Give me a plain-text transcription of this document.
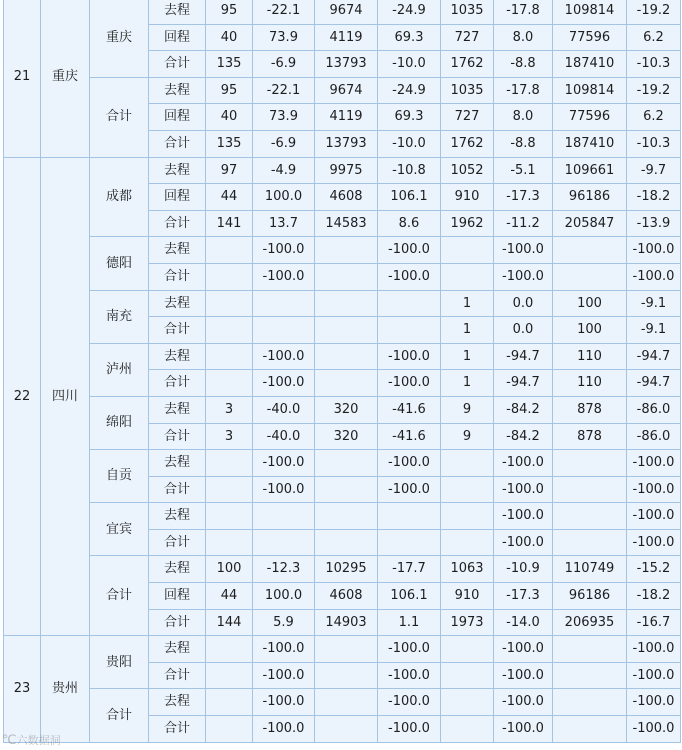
21	重庆	重庆	去程	95	-22.1	9674	-24.9	1035	-17.8	109814	-19.2
			回程	40	73.9	4119	69.3	727	8.0	77596	6.2
			合计	135	-6.9	13793	-10.0	1762	-8.8	187410	-10.3
		合计	去程	95	-22.1	9674	-24.9	1035	-17.8	109814	-19.2
			回程	40	73.9	4119	69.3	727	8.0	77596	6.2
			合计	135	-6.9	13793	-10.0	1762	-8.8	187410	-10.3
22	四川	成都	去程	97	-4.9	9975	-10.8	1052	-5.1	109661	-9.7
			回程	44	100.0	4608	106.1	910	-17.3	96186	-18.2
			合计	141	13.7	14583	8.6	1962	-11.2	205847	-13.9
		德阳	去程		-100.0		-100.0		-100.0		-100.0
			合计		-100.0		-100.0		-100.0		-100.0
		南充	去程					1	0.0	100	-9.1
			合计					1	0.0	100	-9.1
		泸州	去程		-100.0		-100.0	1	-94.7	110	-94.7
			合计		-100.0		-100.0	1	-94.7	110	-94.7
		绵阳	去程	3	-40.0	320	-41.6	9	-84.2	878	-86.0
			合计	3	-40.0	320	-41.6	9	-84.2	878	-86.0
		自贡	去程		-100.0		-100.0		-100.0		-100.0
			合计		-100.0		-100.0		-100.0		-100.0
		宜宾	去程						-100.0		-100.0
			合计						-100.0		-100.0
		合计	去程	100	-12.3	10295	-17.7	1063	-10.9	110749	-15.2
			回程	44	100.0	4608	106.1	910	-17.3	96186	-18.2
			合计	144	5.9	14903	1.1	1973	-14.0	206935	-16.7
23	贵州	贵阳	去程		-100.0		-100.0		-100.0		-100.0
			合计		-100.0		-100.0		-100.0		-100.0
		合计	去程		-100.0		-100.0		-100.0		-100.0
			合计		-100.0		-100.0		-100.0		-100.0
℃六数据洞
